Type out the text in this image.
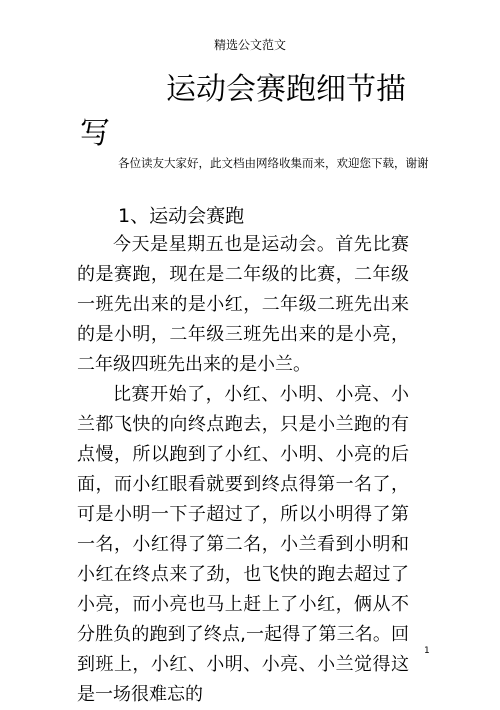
精选公文范文
运动会赛跑细节描写
各位读友大家好，此文档由网络收集而来，欢迎您下载，谢谢
1、运动会赛跑

今天是星期五也是运动会。首先比赛的是赛跑，现在是二年级的比赛，二年级一班先出来的是小红，二年级二班先出来的是小明，二年级三班先出来的是小亮，二年级四班先出来的是小兰。

比赛开始了，小红、小明、小亮、小兰都飞快的向终点跑去，只是小兰跑的有点慢，所以跑到了小红、小明、小亮的后面，而小红眼看就要到终点得第一名了，可是小明一下子超过了，所以小明得了第一名，小红得了第二名，小兰看到小明和小红在终点来了劲，也飞快的跑去超过了小亮，而小亮也马上赶上了小红，俩从不分胜负的跑到了终点,一起得了第三名。回到班上，小红、小明、小亮、小兰觉得这是一场很难忘的

1
